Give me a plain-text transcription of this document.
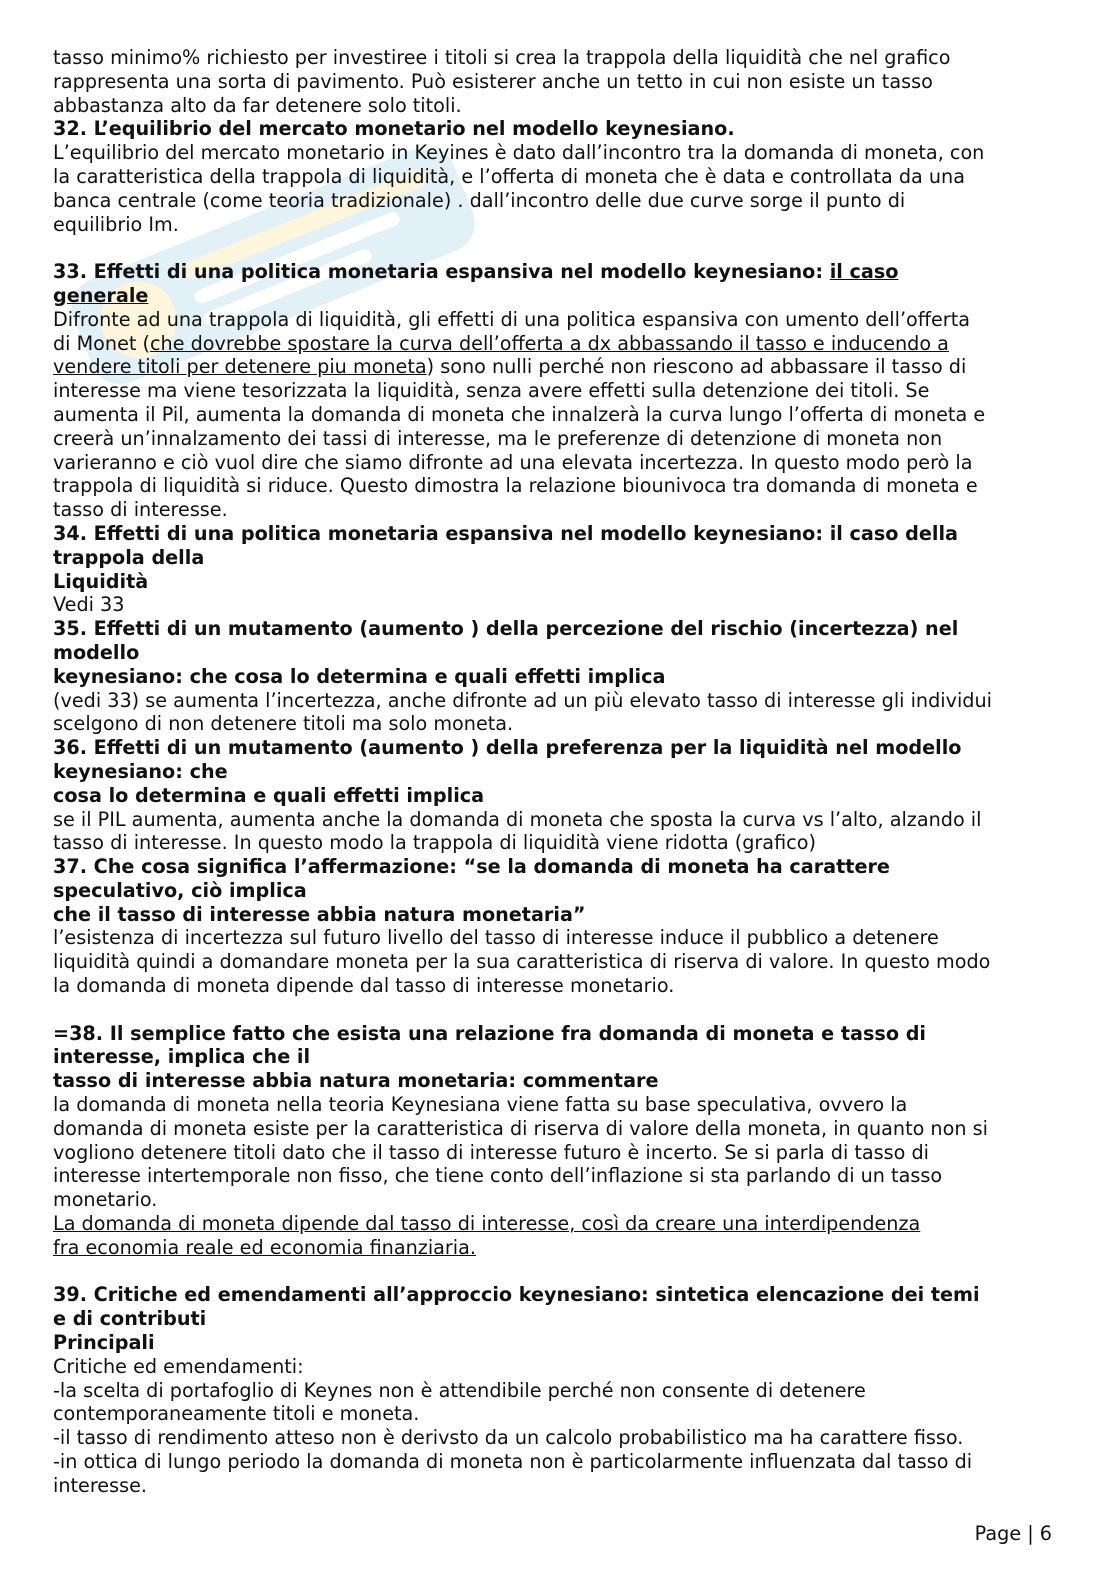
tasso minimo% richiesto per investiree i titoli si crea la trappola della liquidità che nel grafico
rappresenta una sorta di pavimento. Può esisterer anche un tetto in cui non esiste un tasso
abbastanza alto da far detenere solo titoli.
32. L’equilibrio del mercato monetario nel modello keynesiano.
L’equilibrio del mercato monetario in Keyines è dato dall’incontro tra la domanda di moneta, con
la caratteristica della trappola di liquidità, e l’offerta di moneta che è data e controllata da una
banca centrale (come teoria tradizionale) . dall’incontro delle due curve sorge il punto di
equilibrio Im.
33. Effetti di una politica monetaria espansiva nel modello keynesiano: il caso
generale
Difronte ad una trappola di liquidità, gli effetti di una politica espansiva con umento dell’offerta
di Monet (che dovrebbe spostare la curva dell’offerta a dx abbassando il tasso e inducendo a
vendere titoli per detenere piu moneta) sono nulli perché non riescono ad abbassare il tasso di
interesse ma viene tesorizzata la liquidità, senza avere effetti sulla detenzione dei titoli. Se
aumenta il Pil, aumenta la domanda di moneta che innalzerà la curva lungo l’offerta di moneta e
creerà un’innalzamento dei tassi di interesse, ma le preferenze di detenzione di moneta non
varieranno e ciò vuol dire che siamo difronte ad una elevata incertezza. In questo modo però la
trappola di liquidità si riduce. Questo dimostra la relazione biounivoca tra domanda di moneta e
tasso di interesse.
34. Effetti di una politica monetaria espansiva nel modello keynesiano: il caso della
trappola della
Liquidità
Vedi 33
35. Effetti di un mutamento (aumento ) della percezione del rischio (incertezza) nel
modello
keynesiano: che cosa lo determina e quali effetti implica
(vedi 33) se aumenta l’incertezza, anche difronte ad un più elevato tasso di interesse gli individui
scelgono di non detenere titoli ma solo moneta.
36. Effetti di un mutamento (aumento ) della preferenza per la liquidità nel modello
keynesiano: che
cosa lo determina e quali effetti implica
se il PIL aumenta, aumenta anche la domanda di moneta che sposta la curva vs l’alto, alzando il
tasso di interesse. In questo modo la trappola di liquidità viene ridotta (grafico)
37. Che cosa significa l’affermazione: “se la domanda di moneta ha carattere
speculativo, ciò implica
che il tasso di interesse abbia natura monetaria”
l’esistenza di incertezza sul futuro livello del tasso di interesse induce il pubblico a detenere
liquidità quindi a domandare moneta per la sua caratteristica di riserva di valore. In questo modo
la domanda di moneta dipende dal tasso di interesse monetario.
=38. Il semplice fatto che esista una relazione fra domanda di moneta e tasso di
interesse, implica che il
tasso di interesse abbia natura monetaria: commentare
la domanda di moneta nella teoria Keynesiana viene fatta su base speculativa, ovvero la
domanda di moneta esiste per la caratteristica di riserva di valore della moneta, in quanto non si
vogliono detenere titoli dato che il tasso di interesse futuro è incerto. Se si parla di tasso di
interesse intertemporale non fisso, che tiene conto dell’inflazione si sta parlando di un tasso
monetario.
La domanda di moneta dipende dal tasso di interesse, così da creare una interdipendenza
fra economia reale ed economia finanziaria.
39. Critiche ed emendamenti all’approccio keynesiano: sintetica elencazione dei temi
e di contributi
Principali
Critiche ed emendamenti:
-la scelta di portafoglio di Keynes non è attendibile perché non consente di detenere
contemporaneamente titoli e moneta.
-il tasso di rendimento atteso non è derivsto da un calcolo probabilistico ma ha carattere fisso.
-in ottica di lungo periodo la domanda di moneta non è particolarmente influenzata dal tasso di
interesse.
Page | 6
